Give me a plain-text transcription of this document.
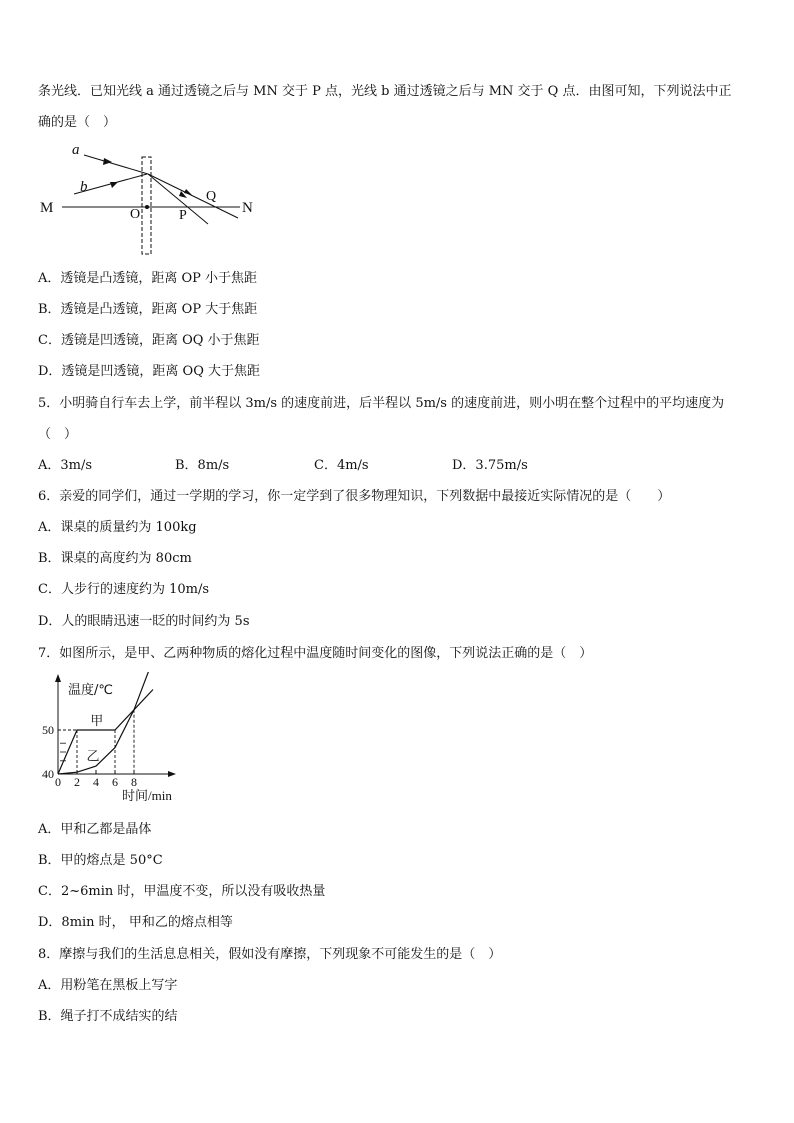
条光线．已知光线 a 通过透镜之后与 MN 交于 P 点，光线 b 通过透镜之后与 MN 交于 Q 点．由图可知，下列说法中正
确的是（　）
a
b
M	N
O	P
Q
A．透镜是凸透镜，距离 OP 小于焦距
B．透镜是凸透镜，距离 OP 大于焦距
C．透镜是凹透镜，距离 OQ 小于焦距
D．透镜是凹透镜，距离 OQ 大于焦距
5．小明骑自行车去上学，前半程以 3m/s 的速度前进，后半程以 5m/s 的速度前进，则小明在整个过程中的平均速度为
（　）
A．3m/s	B．8m/s	C．4m/s	D．3.75m/s
6．亲爱的同学们，通过一学期的学习，你一定学到了很多物理知识，下列数据中最接近实际情况的是（　　）
A．课桌的质量约为 100kg
B．课桌的高度约为 80cm
C．人步行的速度约为 10m/s
D．人的眼睛迅速一眨的时间约为 5s
7．如图所示，是甲、乙两种物质的熔化过程中温度随时间变化的图像，下列说法正确的是（　）
温度/℃
时间/min
0 2 4 6 8
40
50
甲
乙
A．甲和乙都是晶体
B．甲的熔点是 50°C
C．2~6min 时，甲温度不变，所以没有吸收热量
D．8min 时， 甲和乙的熔点相等
8．摩擦与我们的生活息息相关，假如没有摩擦，下列现象不可能发生的是（　）
A．用粉笔在黑板上写字
B．绳子打不成结实的结
